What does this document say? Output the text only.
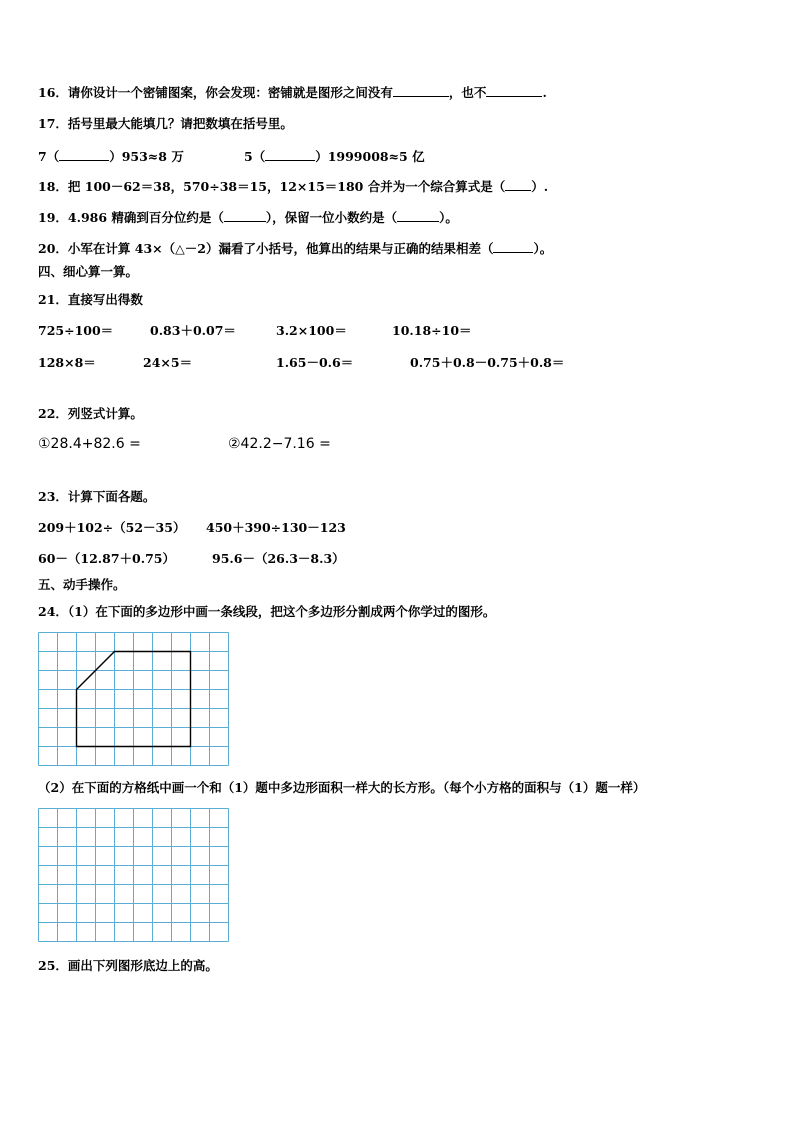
16．请你设计一个密铺图案，你会发现：密铺就是图形之间没有	，也不	.
17．括号里最大能填几？请把数填在括号里。
7（	）953≈8 万	5（	）1999008≈5 亿
18．把 100－62＝38，570÷38＝15，12×15＝180 合并为一个综合算式是（ ）.
19．4.986 精确到百分位约是（	），保留一位小数约是（	）。
20．小军在计算 43×（△－2）漏看了小括号，他算出的结果与正确的结果相差（	）。
四、细心算一算。
21．直接写出得数
725÷100＝	0.83＋0.07＝	3.2×100＝	10.18÷10＝
128×8＝	24×5＝	1.65－0.6＝	0.75＋0.8－0.75＋0.8＝
22．列竖式计算。
①28.4+82.6 =	②42.2−7.16 =
23．计算下面各题。
209＋102÷（52－35） 450＋390÷130－123
60－（12.87＋0.75）	95.6－（26.3－8.3）
五、动手操作。
24．（1）在下面的多边形中画一条线段，把这个多边形分割成两个你学过的图形。
（2）在下面的方格纸中画一个和（1）题中多边形面积一样大的长方形。（每个小方格的面积与（1）题一样）
25．画出下列图形底边上的高。
